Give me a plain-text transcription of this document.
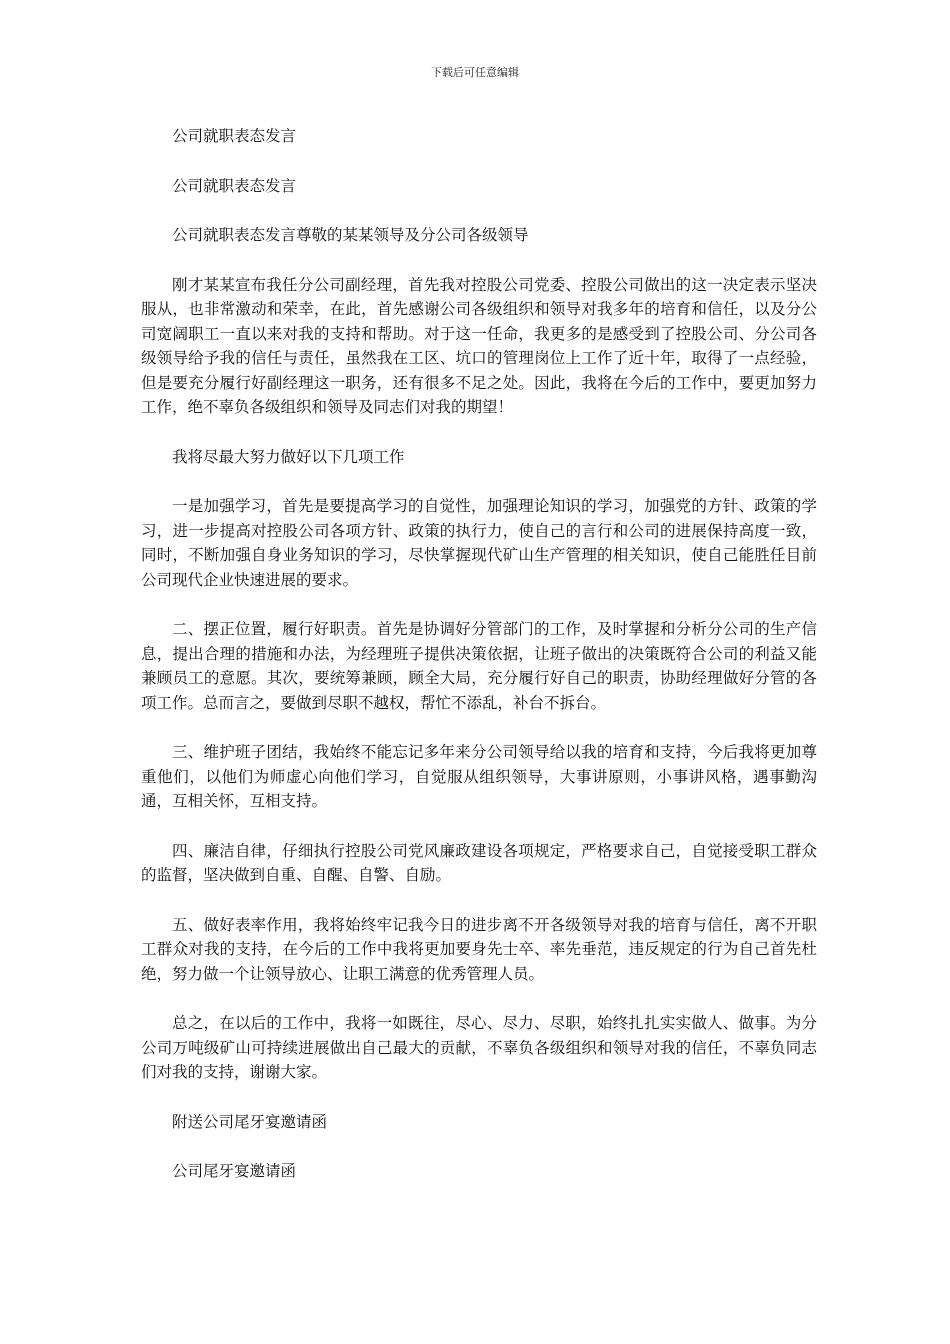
下载后可任意编辑

公司就职表态发言

公司就职表态发言

公司就职表态发言尊敬的某某领导及分公司各级领导

刚才某某宣布我任分公司副经理，首先我对控股公司党委、控股公司做出的这一决定表示坚决服从，也非常激动和荣幸，在此，首先感谢公司各级组织和领导对我多年的培育和信任，以及分公司宽阔职工一直以来对我的支持和帮助。对于这一任命，我更多的是感受到了控股公司、分公司各级领导给予我的信任与责任，虽然我在工区、坑口的管理岗位上工作了近十年，取得了一点经验，但是要充分履行好副经理这一职务，还有很多不足之处。因此，我将在今后的工作中，要更加努力工作，绝不辜负各级组织和领导及同志们对我的期望！

我将尽最大努力做好以下几项工作

一是加强学习，首先是要提高学习的自觉性，加强理论知识的学习，加强党的方针、政策的学习，进一步提高对控股公司各项方针、政策的执行力，使自己的言行和公司的进展保持高度一致，同时，不断加强自身业务知识的学习，尽快掌握现代矿山生产管理的相关知识，使自己能胜任目前公司现代企业快速进展的要求。

二、摆正位置，履行好职责。首先是协调好分管部门的工作，及时掌握和分析分公司的生产信息，提出合理的措施和办法，为经理班子提供决策依据，让班子做出的决策既符合公司的利益又能兼顾员工的意愿。其次，要统筹兼顾，顾全大局，充分履行好自己的职责，协助经理做好分管的各项工作。总而言之，要做到尽职不越权，帮忙不添乱，补台不拆台。

三、维护班子团结，我始终不能忘记多年来分公司领导给以我的培育和支持，今后我将更加尊重他们，以他们为师虚心向他们学习，自觉服从组织领导，大事讲原则，小事讲风格，遇事勤沟通，互相关怀，互相支持。

四、廉洁自律，仔细执行控股公司党风廉政建设各项规定，严格要求自己，自觉接受职工群众的监督，坚决做到自重、自醒、自警、自励。

五、做好表率作用，我将始终牢记我今日的进步离不开各级领导对我的培育与信任，离不开职工群众对我的支持，在今后的工作中我将更加要身先士卒、率先垂范，违反规定的行为自己首先杜绝，努力做一个让领导放心、让职工满意的优秀管理人员。

总之，在以后的工作中，我将一如既往，尽心、尽力、尽职，始终扎扎实实做人、做事。为分公司万吨级矿山可持续进展做出自己最大的贡献，不辜负各级组织和领导对我的信任，不辜负同志们对我的支持，谢谢大家。

附送公司尾牙宴邀请函

公司尾牙宴邀请函
